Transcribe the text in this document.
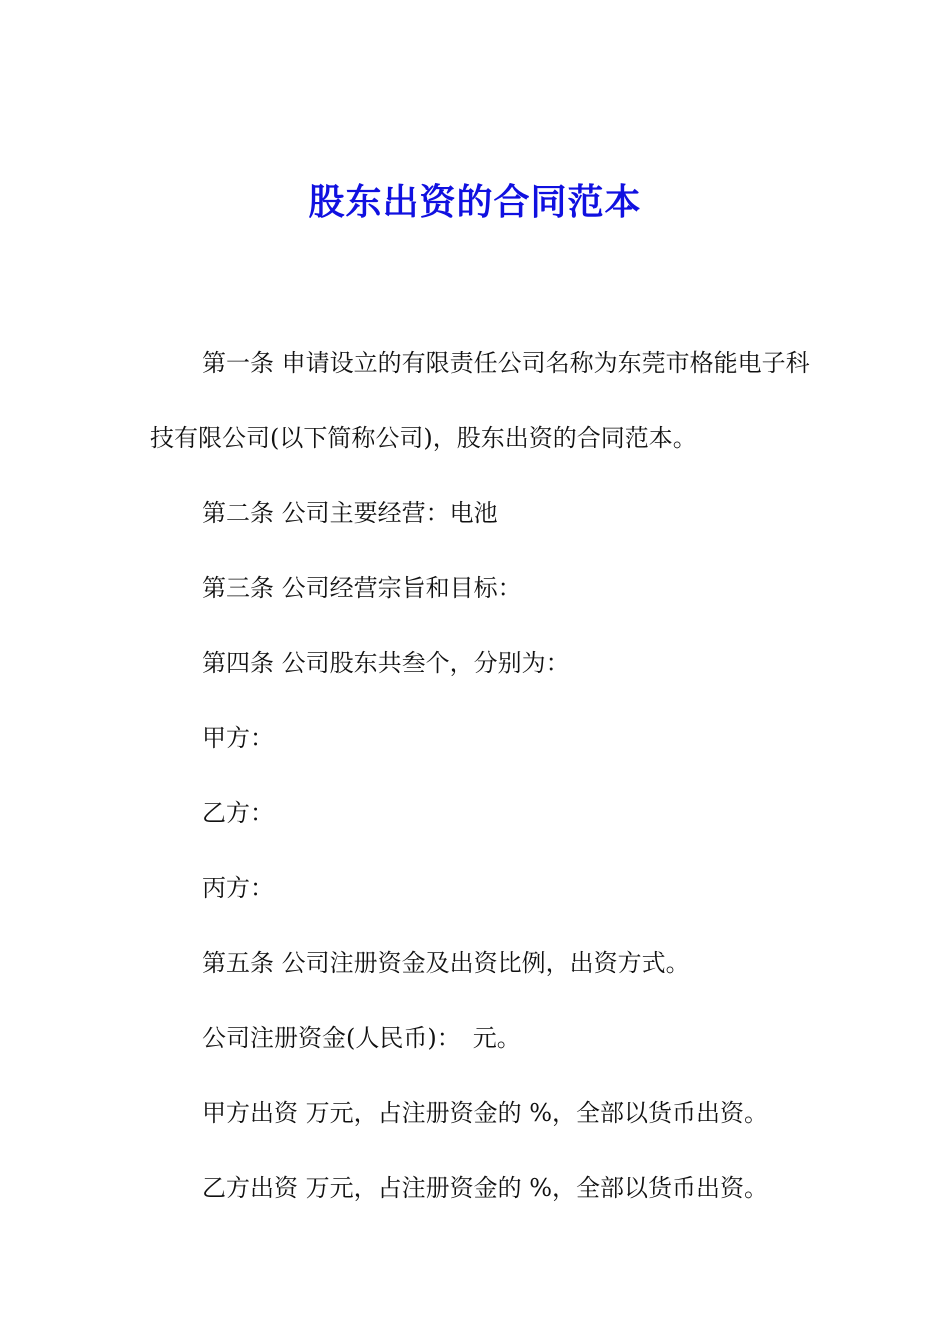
股东出资的合同范本

第一条 申请设立的有限责任公司名称为东莞市格能电子科技有限公司(以下简称公司)，股东出资的合同范本。

第二条 公司主要经营：电池

第三条 公司经营宗旨和目标：

第四条 公司股东共叁个，分别为：

甲方：

乙方：

丙方：

第五条 公司注册资金及出资比例，出资方式。

公司注册资金(人民币)：　元。

甲方出资 万元，占注册资金的 %，全部以货币出资。

乙方出资 万元，占注册资金的 %，全部以货币出资。
